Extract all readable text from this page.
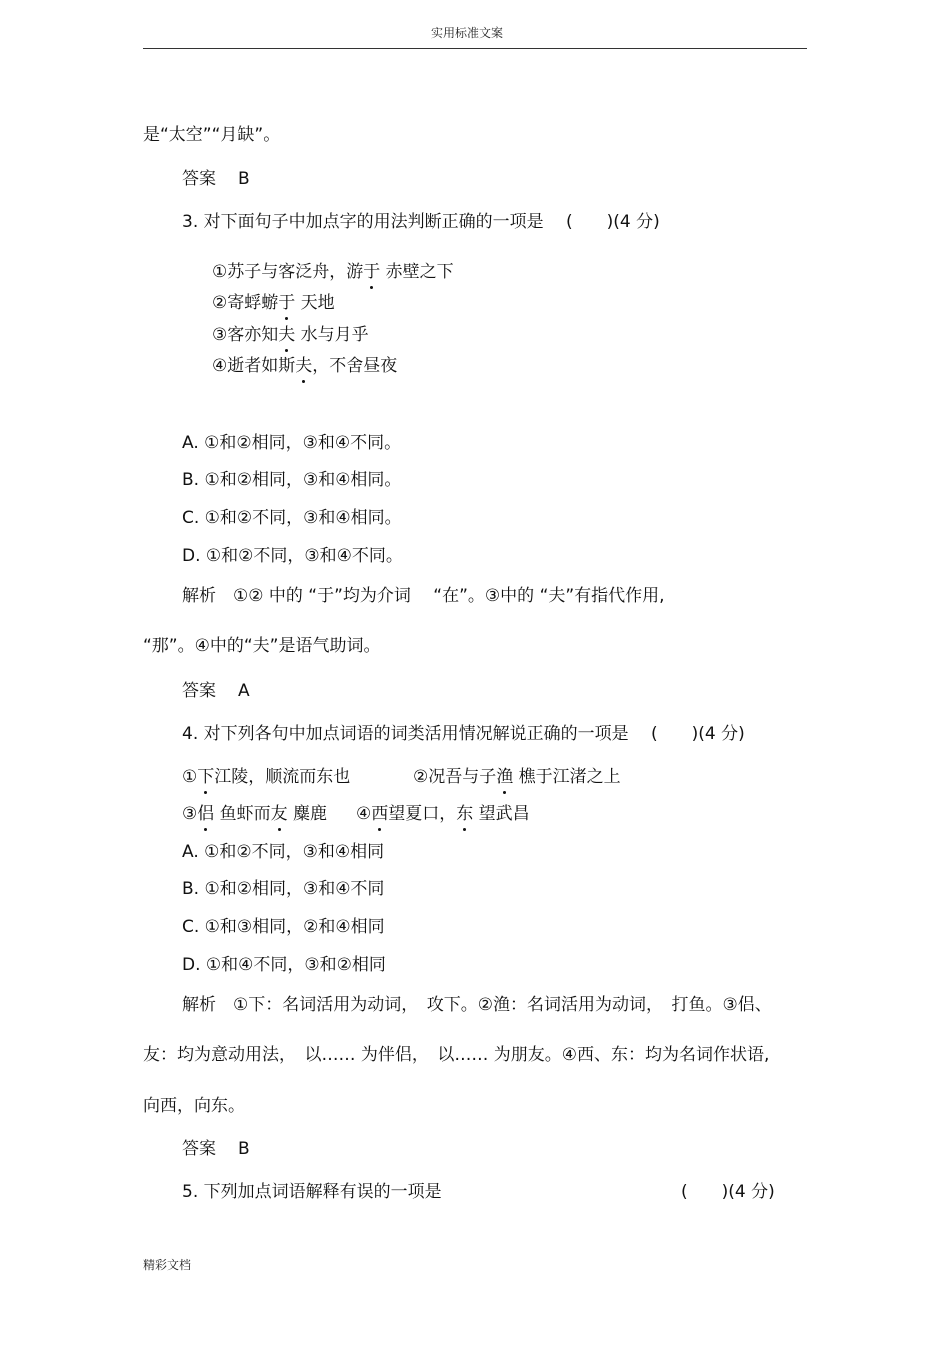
实用标准文案
是“太空”“月缺”。
答案 B
3. 对下面句子中加点字的用法判断正确的一项是　 (　　)(4 分)
①苏子与客泛舟，游于 赤壁之下
②寄蜉蝣于 天地
③客亦知夫 水与月乎
④逝者如斯夫，不舍昼夜
A. ①和②相同，③和④不同。
B. ①和②相同，③和④相同。
C. ①和②不同，③和④相同。
D. ①和②不同，③和④不同。
解析　①② 中的 “于”均为介词　 “在”。③中的 “夫”有指代作用,
“那”。④中的“夫”是语气助词。
答案 A
4. 对下列各句中加点词语的词类活用情况解说正确的一项是　 (　　)(4 分)
①下江陵，顺流而东也	②况吾与子渔 樵于江渚之上
③侣 鱼虾而友 麋鹿 ④西望夏口，东 望武昌
A. ①和②不同，③和④相同
B. ①和②相同，③和④不同
C. ①和③相同，②和④相同
D. ①和④不同，③和②相同
解析　①下：名词活用为动词，　攻下。②渔：名词活用为动词，　打鱼。③侣、
友：均为意动用法，　以…… 为伴侣，　以…… 为朋友。④西、东：均为名词作状语,
向西，向东。
答案 B
5. 下列加点词语解释有误的一项是	(　　)(4 分)
精彩文档
